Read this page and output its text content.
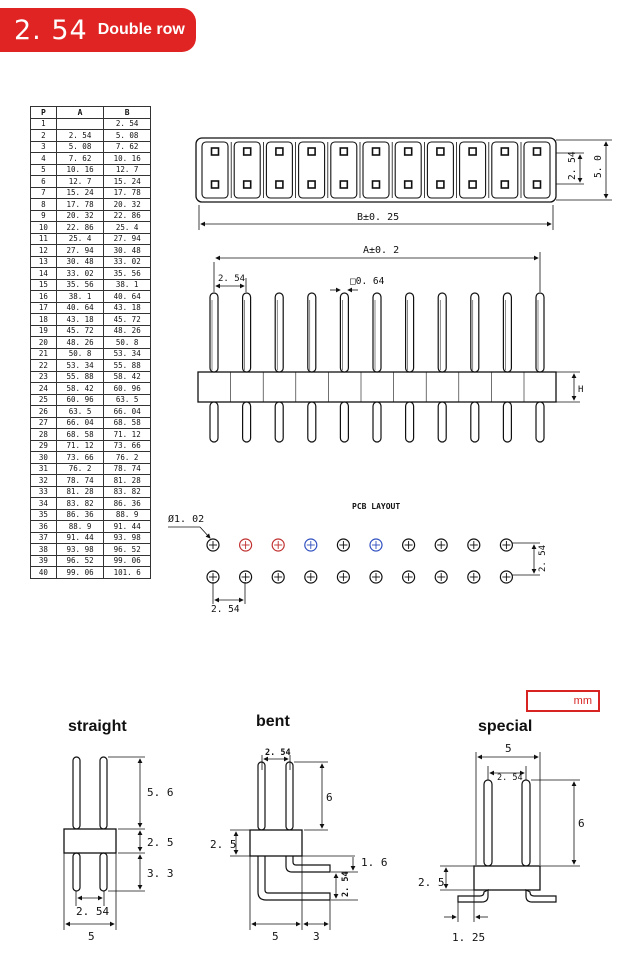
2. 54 Double row
P	A	B
1		2. 54
2	2. 54	5. 08
3	5. 08	7. 62
4	7. 62	10. 16
5	10. 16	12. 7
6	12. 7	15. 24
7	15. 24	17. 78
8	17. 78	20. 32
9	20. 32	22. 86
10	22. 86	25. 4
11	25. 4	27. 94
12	27. 94	30. 48
13	30. 48	33. 02
14	33. 02	35. 56
15	35. 56	38. 1
16	38. 1	40. 64
17	40. 64	43. 18
18	43. 18	45. 72
19	45. 72	48. 26
20	48. 26	50. 8
21	50. 8	53. 34
22	53. 34	55. 88
23	55. 88	58. 42
24	58. 42	60. 96
25	60. 96	63. 5
26	63. 5	66. 04
27	66. 04	68. 58
28	68. 58	71. 12
29	71. 12	73. 66
30	73. 66	76. 2
31	76. 2	78. 74
32	78. 74	81. 28
33	81. 28	83. 82
34	83. 82	86. 36
35	86. 36	88. 9
36	88. 9	91. 44
37	91. 44	93. 98
38	93. 98	96. 52
39	96. 52	99. 06
40	99. 06	101. 6
B±0. 25
2. 54 5. 0
A±0. 2
2. 54	□0. 64
H
PCB LAYOUT
Ø1. 02
2. 54
2. 54
straight
5. 6
2. 5
3. 3
2. 54
5
bent
2. 54
6
2. 5
1. 6
2. 54
5	3
special
5
2. 54
6
2. 5
1. 25
mm
